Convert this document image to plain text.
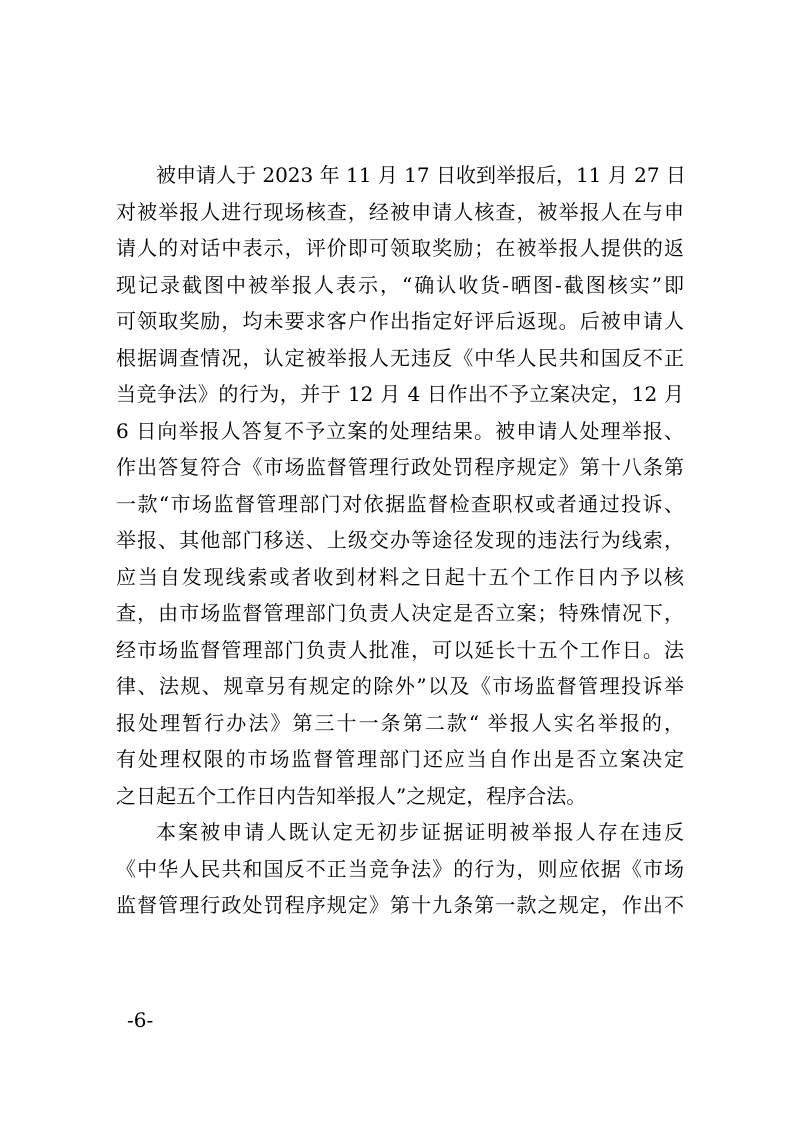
被申请人于 2023 年 11 月 17 日收到举报后，11 月 27 日
对被举报人进行现场核查，经被申请人核查，被举报人在与申
请人的对话中表示，评价即可领取奖励；在被举报人提供的返
现记录截图中被举报人表示，“确认收货-晒图-截图核实”即
可领取奖励，均未要求客户作出指定好评后返现。后被申请人
根据调查情况，认定被举报人无违反《中华人民共和国反不正
当竞争法》的行为，并于 12 月 4 日作出不予立案决定，12 月
6 日向举报人答复不予立案的处理结果。被申请人处理举报、
作出答复符合《市场监督管理行政处罚程序规定》第十八条第
一款“市场监督管理部门对依据监督检查职权或者通过投诉、
举报、其他部门移送、上级交办等途径发现的违法行为线索，
应当自发现线索或者收到材料之日起十五个工作日内予以核
查，由市场监督管理部门负责人决定是否立案；特殊情况下，
经市场监督管理部门负责人批准，可以延长十五个工作日。法
律、法规、规章另有规定的除外”以及《市场监督管理投诉举
报处理暂行办法》第三十一条第二款“ 举报人实名举报的，
有处理权限的市场监督管理部门还应当自作出是否立案决定
之日起五个工作日内告知举报人”之规定，程序合法。
本案被申请人既认定无初步证据证明被举报人存在违反
《中华人民共和国反不正当竞争法》的行为，则应依据《市场
监督管理行政处罚程序规定》第十九条第一款之规定，作出不
-6-
